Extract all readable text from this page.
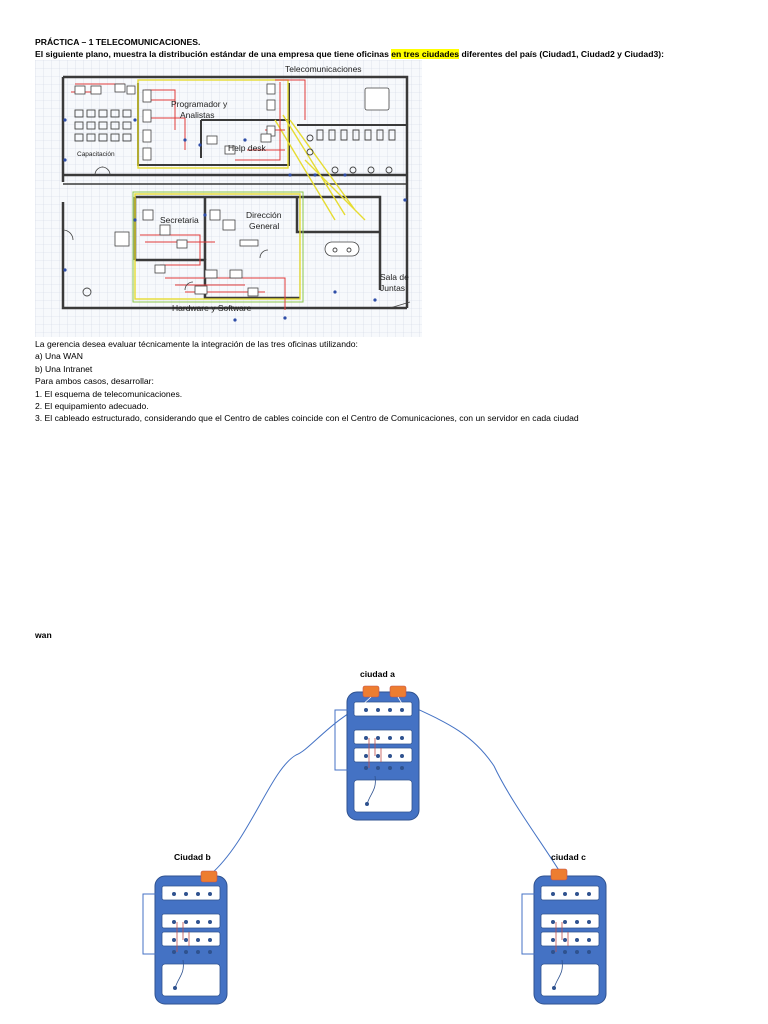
PRÁCTICA – 1 TELECOMUNICACIONES.
El siguiente plano, muestra la distribución estándar de una empresa que tiene oficinas en tres ciudades diferentes del país (Ciudad1, Ciudad2 y Ciudad3):
Telecomunicaciones
Programador y
Analistas
Help desk
Capacitación
Secretaria	Dirección
General
Sala de
Juntas
Hardware y Software
La gerencia desea evaluar técnicamente la integración de las tres oficinas utilizando:
a) Una WAN
b) Una Intranet
Para ambos casos, desarrollar:
1. El esquema de telecomunicaciones.
2. El equipamiento adecuado.
3. El cableado estructurado, considerando que el Centro de cables coincide con el Centro de Comunicaciones, con un servidor en cada ciudad
wan
ciudad a
Ciudad b	ciudad c
